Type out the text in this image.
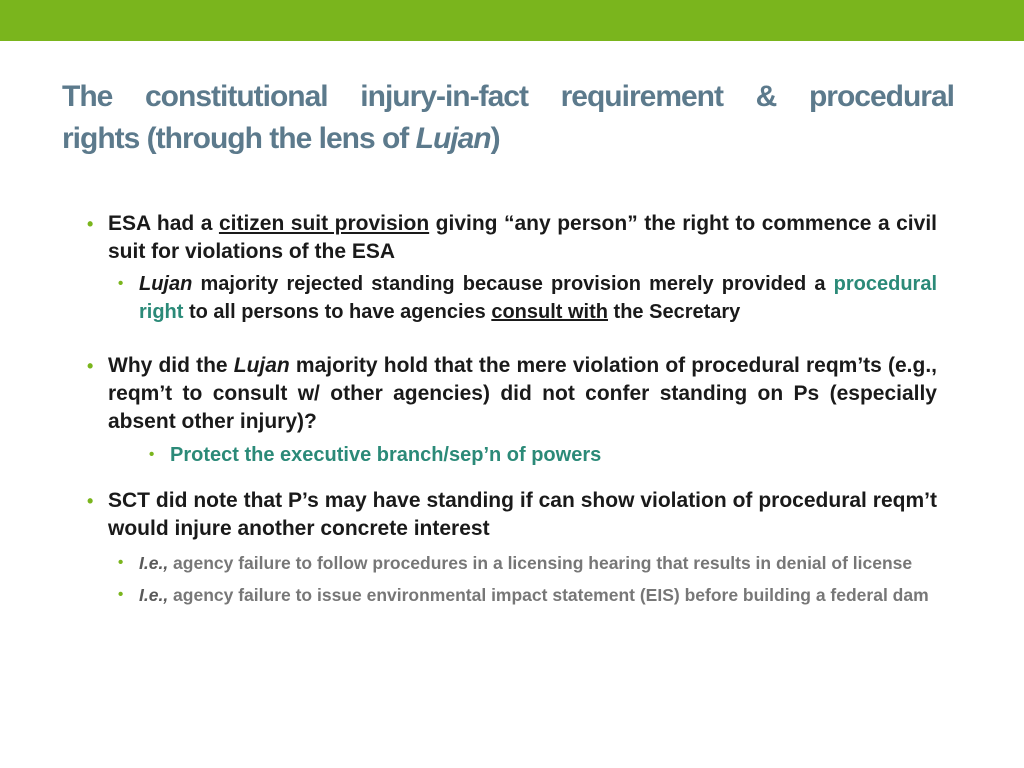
The constitutional injury-in-fact requirement & procedural
rights (through the lens of Lujan)
• ESA had a citizen suit provision giving “any person” the right to commence a civil suit for violations of the ESA
• Lujan majority rejected standing because provision merely provided a procedural right to all persons to have agencies consult with the Secretary
• Why did the Lujan majority hold that the mere violation of procedural reqm’ts (e.g., reqm’t to consult w/ other agencies) did not confer standing on Ps (especially absent other injury)?
• Protect the executive branch/sep’n of powers
• SCT did note that P’s may have standing if can show violation of procedural reqm’t would injure another concrete interest
• I.e., agency failure to follow procedures in a licensing hearing that results in denial of license
• I.e., agency failure to issue environmental impact statement (EIS) before building a federal dam
